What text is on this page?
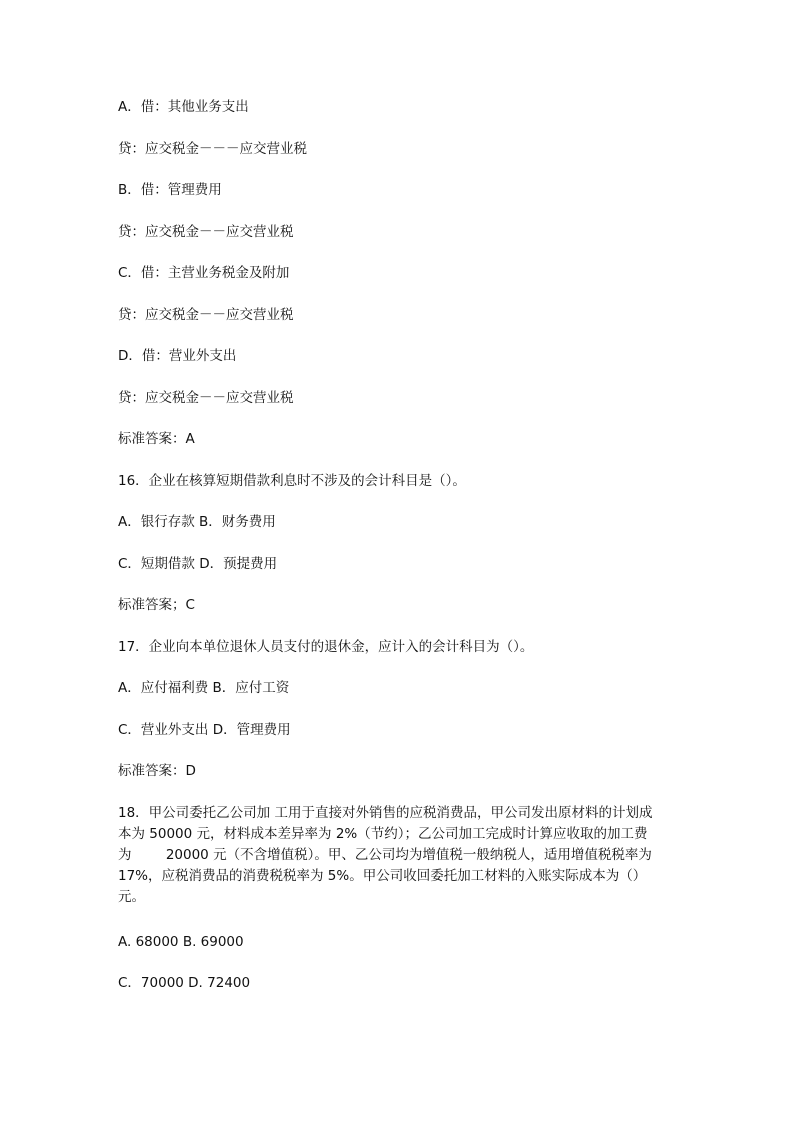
A．借：其他业务支出
贷：应交税金－－－应交营业税
B．借：管理费用
贷：应交税金－－应交营业税
C．借：主营业务税金及附加
贷：应交税金－－应交营业税
D．借：营业外支出
贷：应交税金－－应交营业税
标准答案：A
16．企业在核算短期借款利息时不涉及的会计科目是（）。
A．银行存款 B．财务费用
C．短期借款 D．预提费用
标准答案；C
17．企业向本单位退休人员支付的退休金，应计入的会计科目为（）。
A．应付福利费 B．应付工资
C．营业外支出 D．管理费用
标准答案：D
18．甲公司委托乙公司加 工用于直接对外销售的应税消费品，甲公司发出原材料的计划成
本为 50000 元，材料成本差异率为 2%（节约）；乙公司加工完成时计算应收取的加工费
为        20000 元（不含增值税）。甲、乙公司均为增值税一般纳税人，适用增值税税率为
17%，应税消费品的消费税税率为 5%。甲公司收回委托加工材料的入账实际成本为（）
元。
A. 68000 B. 69000
C．70000 D. 72400
